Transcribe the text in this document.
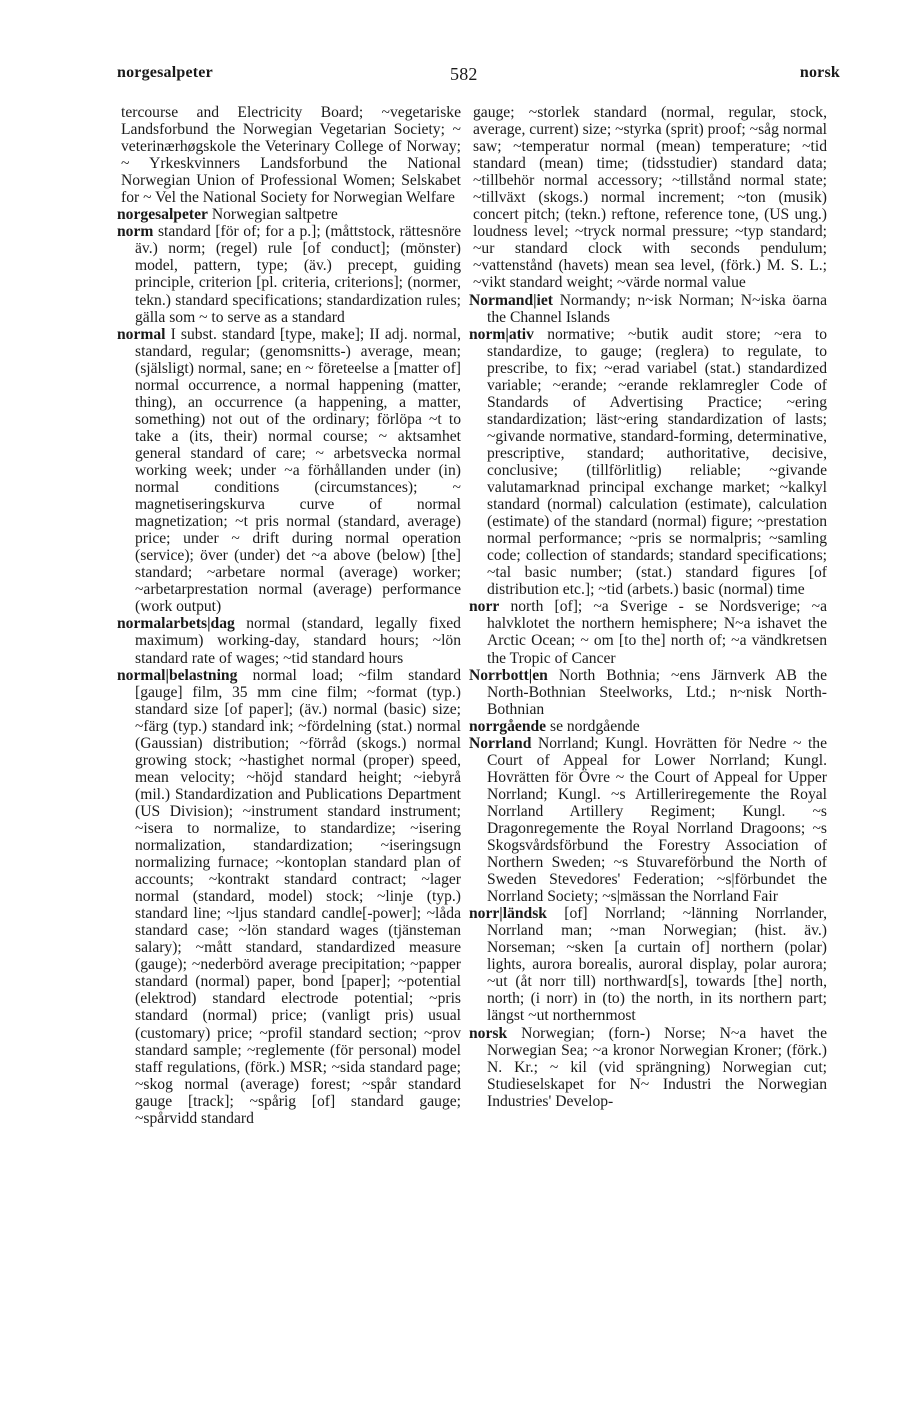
norgesalpeter	582	norsk

tercourse and Electricity Board; ~vegetariske Landsforbund the Norwegian Vegetarian Society; ~ veterinærhøgskole the Veterinary College of Norway; ~ Yrkeskvinners Landsforbund the National Norwegian Union of Professional Women; Selskabet for ~ Vel the National Society for Norwegian Welfare

norgesalpeter Norwegian saltpetre

norm standard [för of; for a p.]; (måttstock, rättesnöre äv.) norm; (regel) rule [of conduct]; (mönster) model, pattern, type; (äv.) precept, guiding principle, criterion [pl. criteria, criterions]; (normer, tekn.) standard specifications; standardization rules; gälla som ~ to serve as a standard

normal I subst. standard [type, make]; II adj. normal, standard, regular; (genomsnitts-) average, mean; (själsligt) normal, sane; en ~ företeelse a [matter of] normal occurrence, a normal happening (matter, thing), an occurrence (a happening, a matter, something) not out of the ordinary; förlöpa ~t to take a (its, their) normal course; ~ aktsamhet general standard of care; ~ arbetsvecka normal working week; under ~a förhållanden under (in) normal conditions (circumstances); ~ magnetiseringskurva curve of normal magnetization; ~t pris normal (standard, average) price; under ~ drift during normal operation (service); över (under) det ~a above (below) [the] standard; ~arbetare normal (average) worker; ~arbetarprestation normal (average) performance (work output)

normalarbets|dag normal (standard, legally fixed maximum) working-day, standard hours; ~lön standard rate of wages; ~tid standard hours

normal|belastning normal load; ~film standard [gauge] film, 35 mm cine film; ~format (typ.) standard size [of paper]; (äv.) normal (basic) size; ~färg (typ.) standard ink; ~fördelning (stat.) normal (Gaussian) distribution; ~förråd (skogs.) normal growing stock; ~hastighet normal (proper) speed, mean velocity; ~höjd standard height; ~iebyrå (mil.) Standardization and Publications Department (US Division); ~instrument standard instrument; ~isera to normalize, to standardize; ~isering normalization, standardization; ~iseringsugn normalizing furnace; ~kontoplan standard plan of accounts; ~kontrakt standard contract; ~lager normal (standard, model) stock; ~linje (typ.) standard line; ~ljus standard candle[-power]; ~låda standard case; ~lön standard wages (tjänsteman salary); ~mått standard, standardized measure (gauge); ~nederbörd average precipitation; ~papper standard (normal) paper, bond [paper]; ~potential (elektrod) standard electrode potential; ~pris standard (normal) price; (vanligt pris) usual (customary) price; ~profil standard section; ~prov standard sample; ~reglemente (för personal) model staff regulations, (förk.) MSR; ~sida standard page; ~skog normal (average) forest; ~spår standard gauge [track]; ~spårig [of] standard gauge; ~spårvidd standard

gauge; ~storlek standard (normal, regular, stock, average, current) size; ~styrka (sprit) proof; ~såg normal saw; ~temperatur normal (mean) temperature; ~tid standard (mean) time; (tidsstudier) standard data; ~tillbehör normal accessory; ~tillstånd normal state; ~tillväxt (skogs.) normal increment; ~ton (musik) concert pitch; (tekn.) reftone, reference tone, (US ung.) loudness level; ~tryck normal pressure; ~typ standard; ~ur standard clock with seconds pendulum; ~vattenstånd (havets) mean sea level, (förk.) M. S. L.; ~vikt standard weight; ~värde normal value

Normand|iet Normandy; n~isk Norman; N~iska öarna the Channel Islands

norm|ativ normative; ~butik audit store; ~era to standardize, to gauge; (reglera) to regulate, to prescribe, to fix; ~erad variabel (stat.) standardized variable; ~erande; ~erande reklamregler Code of Standards of Advertising Practice; ~ering standardization; läst~ering standardization of lasts; ~givande normative, standard-forming, determinative, prescriptive, standard; authoritative, decisive, conclusive; (tillförlitlig) reliable; ~givande valutamarknad principal exchange market; ~kalkyl standard (normal) calculation (estimate), calculation (estimate) of the standard (normal) figure; ~prestation normal performance; ~pris se normalpris; ~samling code; collection of standards; standard specifications; ~tal basic number; (stat.) standard figures [of distribution etc.]; ~tid (arbets.) basic (normal) time

norr north [of]; ~a Sverige - se Nordsverige; ~a halvklotet the northern hemisphere; N~a ishavet the Arctic Ocean; ~ om [to the] north of; ~a vändkretsen the Tropic of Cancer

Norrbott|en North Bothnia; ~ens Järnverk AB the North-Bothnian Steelworks, Ltd.; n~nisk North-Bothnian

norrgående se nordgående

Norrland Norrland; Kungl. Hovrätten för Nedre ~ the Court of Appeal for Lower Norrland; Kungl. Hovrätten för Övre ~ the Court of Appeal for Upper Norrland; Kungl. ~s Artilleriregemente the Royal Norrland Artillery Regiment; Kungl. ~s Dragonregemente the Royal Norrland Dragoons; ~s Skogsvårdsförbund the Forestry Association of Northern Sweden; ~s Stuvareförbund the North of Sweden Stevedores' Federation; ~s|förbundet the Norrland Society; ~s|mässan the Norrland Fair

norr|ländsk [of] Norrland; ~länning Norrlander, Norrland man; ~man Norwegian; (hist. äv.) Norseman; ~sken [a curtain of] northern (polar) lights, aurora borealis, auroral display, polar aurora; ~ut (åt norr till) northward[s], towards [the] north, north; (i norr) in (to) the north, in its northern part; längst ~ut northernmost

norsk Norwegian; (forn-) Norse; N~a havet the Norwegian Sea; ~a kronor Norwegian Kroner; (förk.) N. Kr.; ~ kil (vid sprängning) Norwegian cut; Studieselskapet for N~ Industri the Norwegian Industries' Develop-
